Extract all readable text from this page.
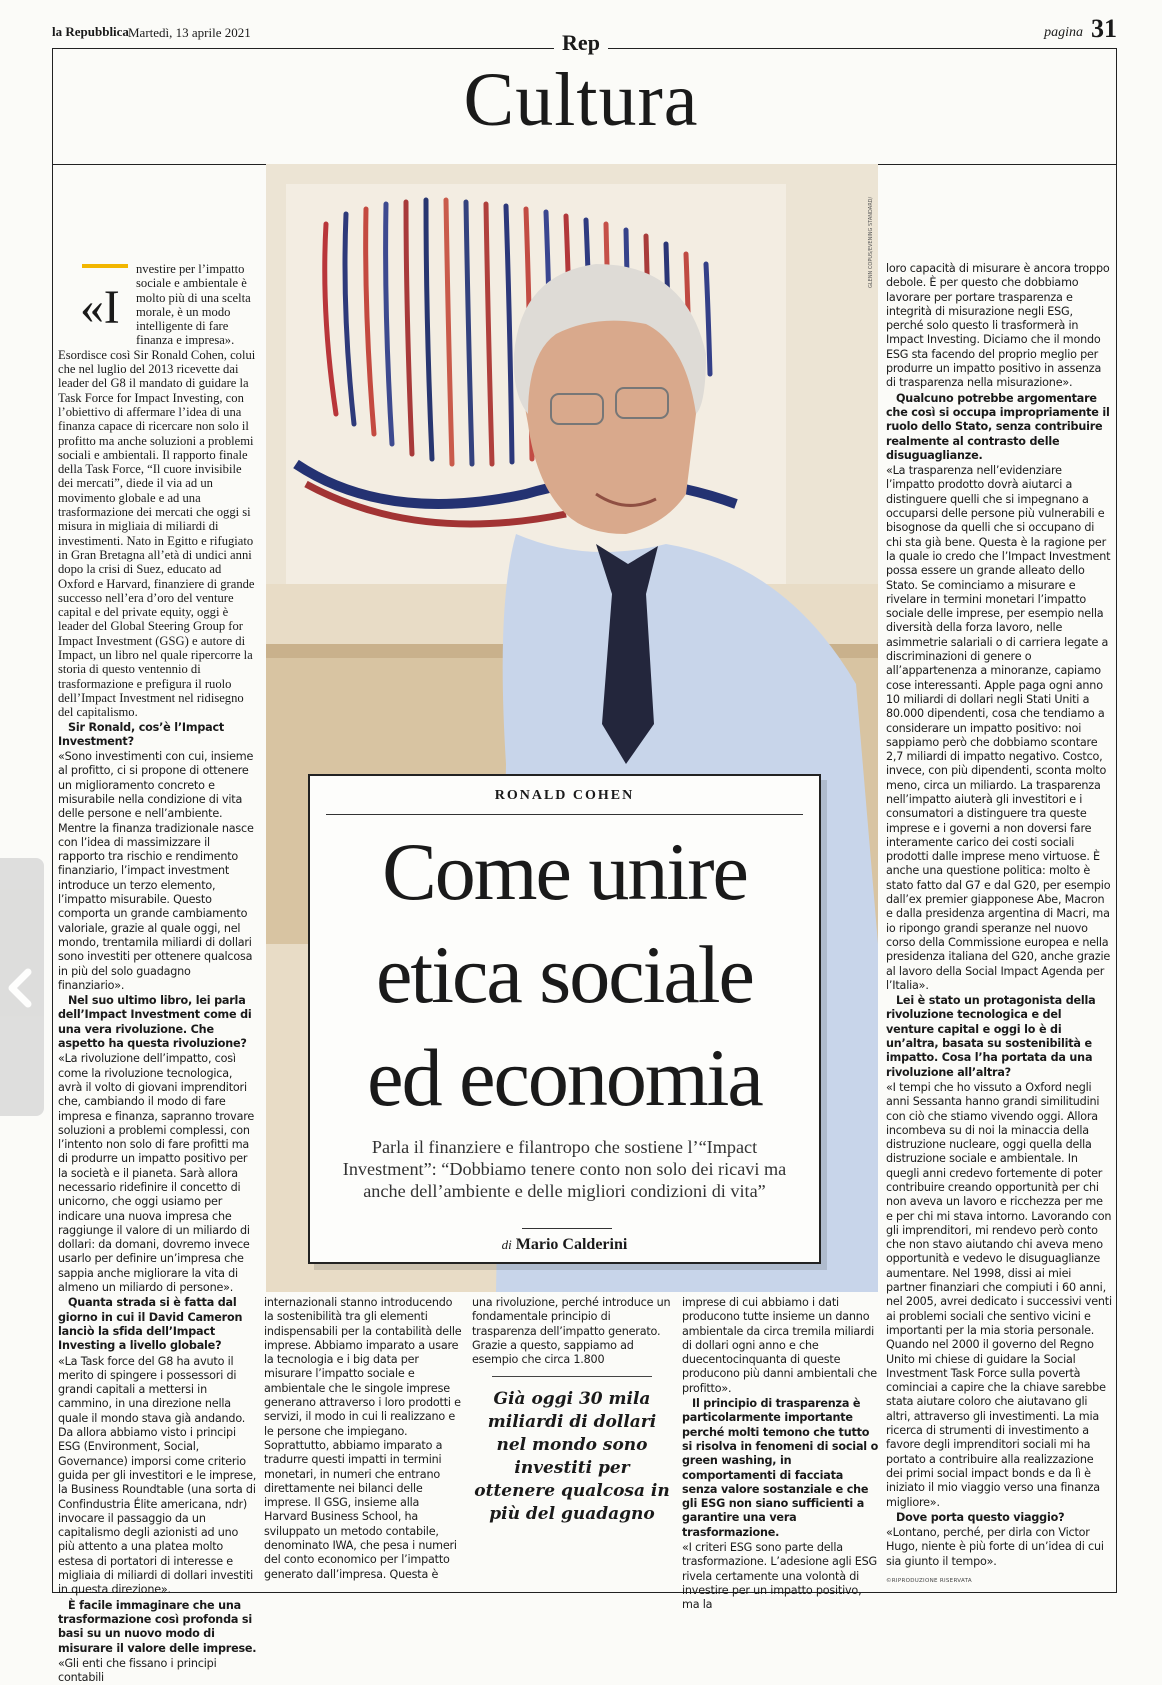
la Repubblica Martedì, 13 aprile 2021	pagina 31
Rep
Cultura
«I

nvestire per l’impatto sociale e ambientale è molto più di una scelta morale, è un modo intelligente di fare finanza e impresa». Esordisce così Sir Ronald Cohen, colui che nel luglio del 2013 ricevette dai leader del G8 il mandato di guidare la Task Force for Impact Investing, con l’obiettivo di affermare l’idea di una finanza capace di ricercare non solo il profitto ma anche soluzioni a problemi sociali e ambientali. Il rapporto finale della Task Force, “Il cuore invisibile dei mercati”, diede il via ad un movimento globale e ad una trasformazione dei mercati che oggi si misura in migliaia di miliardi di investimenti. Nato in Egitto e rifugiato in Gran Bretagna all’età di undici anni dopo la crisi di Suez, educato ad Oxford e Harvard, finanziere di grande successo nell’era d’oro del venture capital e del private equity, oggi è leader del Global Steering Group for Impact Investment (GSG) e autore di Impact, un libro nel quale ripercorre la storia di questo ventennio di trasformazione e prefigura il ruolo dell’Impact Investment nel ridisegno del capitalismo.

Sir Ronald, cos’è l’Impact Investment?

«Sono investimenti con cui, insieme al profitto, ci si propone di ottenere un miglioramento concreto e misurabile nella condizione di vita delle persone e nell’ambiente. Mentre la finanza tradizionale nasce con l’idea di massimizzare il rapporto tra rischio e rendimento finanziario, l’impact investment introduce un terzo elemento, l’impatto misurabile. Questo comporta un grande cambiamento valoriale, grazie al quale oggi, nel mondo, trentamila miliardi di dollari sono investiti per ottenere qualcosa in più del solo guadagno finanziario».

Nel suo ultimo libro, lei parla dell’Impact Investment come di una vera rivoluzione. Che aspetto ha questa rivoluzione?

«La rivoluzione dell’impatto, così come la rivoluzione tecnologica, avrà il volto di giovani imprenditori che, cambiando il modo di fare impresa e finanza, sapranno trovare soluzioni a problemi complessi, con l’intento non solo di fare profitti ma di produrre un impatto positivo per la società e il pianeta. Sarà allora necessario ridefinire il concetto di unicorno, che oggi usiamo per indicare una nuova impresa che raggiunge il valore di un miliardo di dollari: da domani, dovremo invece usarlo per definire un’impresa che sappia anche migliorare la vita di almeno un miliardo di persone».

Quanta strada si è fatta dal giorno in cui il David Cameron lanciò la sfida dell’Impact Investing a livello globale?

«La Task force del G8 ha avuto il merito di spingere i possessori di grandi capitali a mettersi in cammino, in una direzione nella quale il mondo stava già andando. Da allora abbiamo visto i principi ESG (Environment, Social, Governance) imporsi come criterio guida per gli investitori e le imprese, la Business Roundtable (una sorta di Confindustria Élite americana, ndr) invocare il passaggio da un capitalismo degli azionisti ad uno più attento a una platea molto estesa di portatori di interesse e migliaia di miliardi di dollari investiti in questa direzione».

È facile immaginare che una trasformazione così profonda si basi su un nuovo modo di misurare il valore delle imprese.

«Gli enti che fissano i principi contabili

GLENN COPUS/EVENING STANDARD/
RONALD COHEN
Come unire
etica sociale
ed economia
Parla il finanziere e filantropo che sostiene l’“Impact Investment”: “Dobbiamo tenere conto non solo dei ricavi ma anche dell’ambiente e delle migliori condizioni di vita”
di Mario Calderini

internazionali stanno introducendo la sostenibilità tra gli elementi indispensabili per la contabilità delle imprese. Abbiamo imparato a usare la tecnologia e i big data per misurare l’impatto sociale e ambientale che le singole imprese generano attraverso i loro prodotti e servizi, il modo in cui li realizzano e le persone che impiegano. Soprattutto, abbiamo imparato a tradurre questi impatti in termini monetari, in numeri che entrano direttamente nei bilanci delle imprese. Il GSG, insieme alla Harvard Business School, ha sviluppato un metodo contabile, denominato IWA, che pesa i numeri del conto economico per l’impatto generato dall’impresa. Questa è

una rivoluzione, perché introduce un fondamentale principio di trasparenza dell’impatto generato. Grazie a questo, sappiamo ad esempio che circa 1.800

Già oggi 30 mila miliardi di dollari nel mondo sono investiti per ottenere qualcosa in più del guadagno

imprese di cui abbiamo i dati producono tutte insieme un danno ambientale da circa tremila miliardi di dollari ogni anno e che duecentocinquanta di queste producono più danni ambientali che profitto».

Il principio di trasparenza è particolarmente importante perché molti temono che tutto si risolva in fenomeni di social o green washing, in comportamenti di facciata senza valore sostanziale e che gli ESG non siano sufficienti a garantire una vera trasformazione.

«I criteri ESG sono parte della trasformazione. L’adesione agli ESG rivela certamente una volontà di investire per un impatto positivo, ma la

loro capacità di misurare è ancora troppo debole. È per questo che dobbiamo lavorare per portare trasparenza e integrità di misurazione negli ESG, perché solo questo li trasformerà in Impact Investing. Diciamo che il mondo ESG sta facendo del proprio meglio per produrre un impatto positivo in assenza di trasparenza nella misurazione».

Qualcuno potrebbe argomentare che così si occupa impropriamente il ruolo dello Stato, senza contribuire realmente al contrasto delle disuguaglianze.

«La trasparenza nell’evidenziare l’impatto prodotto dovrà aiutarci a distinguere quelli che si impegnano a occuparsi delle persone più vulnerabili e bisognose da quelli che si occupano di chi sta già bene. Questa è la ragione per la quale io credo che l’Impact Investment possa essere un grande alleato dello Stato. Se cominciamo a misurare e rivelare in termini monetari l’impatto sociale delle imprese, per esempio nella diversità della forza lavoro, nelle asimmetrie salariali o di carriera legate a discriminazioni di genere o all’appartenenza a minoranze, capiamo cose interessanti. Apple paga ogni anno 10 miliardi di dollari negli Stati Uniti a 80.000 dipendenti, cosa che tendiamo a considerare un impatto positivo: noi sappiamo però che dobbiamo scontare 2,7 miliardi di impatto negativo. Costco, invece, con più dipendenti, sconta molto meno, circa un miliardo. La trasparenza nell’impatto aiuterà gli investitori e i consumatori a distinguere tra queste imprese e i governi a non doversi fare interamente carico dei costi sociali prodotti dalle imprese meno virtuose. È anche una questione politica: molto è stato fatto dal G7 e dal G20, per esempio dall’ex premier giapponese Abe, Macron e dalla presidenza argentina di Macri, ma io ripongo grandi speranze nel nuovo corso della Commissione europea e nella presidenza italiana del G20, anche grazie al lavoro della Social Impact Agenda per l’Italia».

Lei è stato un protagonista della rivoluzione tecnologica e del venture capital e oggi lo è di un’altra, basata su sostenibilità e impatto. Cosa l’ha portata da una rivoluzione all’altra?

«I tempi che ho vissuto a Oxford negli anni Sessanta hanno grandi similitudini con ciò che stiamo vivendo oggi. Allora incombeva su di noi la minaccia della distruzione nucleare, oggi quella della distruzione sociale e ambientale. In quegli anni credevo fortemente di poter contribuire creando opportunità per chi non aveva un lavoro e ricchezza per me e per chi mi stava intorno. Lavorando con gli imprenditori, mi rendevo però conto che non stavo aiutando chi aveva meno opportunità e vedevo le disuguaglianze aumentare. Nel 1998, dissi ai miei partner finanziari che compiuti i 60 anni, nel 2005, avrei dedicato i successivi venti ai problemi sociali che sentivo vicini e importanti per la mia storia personale. Quando nel 2000 il governo del Regno Unito mi chiese di guidare la Social Investment Task Force sulla povertà cominciai a capire che la chiave sarebbe stata aiutare coloro che aiutavano gli altri, attraverso gli investimenti. La mia ricerca di strumenti di investimento a favore degli imprenditori sociali mi ha portato a contribuire alla realizzazione dei primi social impact bonds e da lì è iniziato il mio viaggio verso una finanza migliore».

Dove porta questo viaggio?

«Lontano, perché, per dirla con Victor Hugo, niente è più forte di un’idea di cui sia giunto il tempo».

©RIPRODUZIONE RISERVATA
